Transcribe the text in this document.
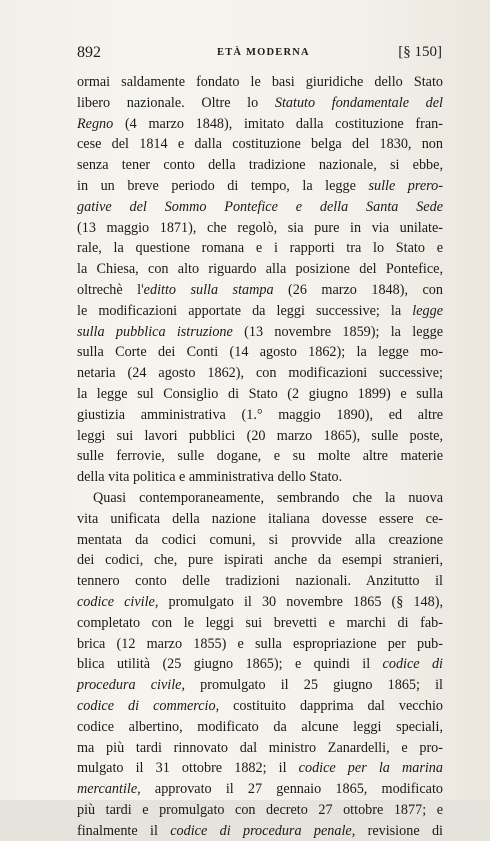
892	ETÀ MODERNA	[§ 150]
ormai saldamente fondato le basi giuridiche dello Stato
libero nazionale. Oltre lo Statuto fondamentale del
Regno (4 marzo 1848), imitato dalla costituzione fran-
cese del 1814 e dalla costituzione belga del 1830, non
senza tener conto della tradizione nazionale, si ebbe,
in un breve periodo di tempo, la legge sulle prero-
gative del Sommo Pontefice e della Santa Sede
(13 maggio 1871), che regolò, sia pure in via unilate-
rale, la questione romana e i rapporti tra lo Stato e
la Chiesa, con alto riguardo alla posizione del Pontefice,
oltrechè l'editto sulla stampa (26 marzo 1848), con
le modificazioni apportate da leggi successive; la legge
sulla pubblica istruzione (13 novembre 1859); la legge
sulla Corte dei Conti (14 agosto 1862); la legge mo-
netaria (24 agosto 1862), con modificazioni successive;
la legge sul Consiglio di Stato (2 giugno 1899) e sulla
giustizia amministrativa (1.° maggio 1890), ed altre
leggi sui lavori pubblici (20 marzo 1865), sulle poste,
sulle ferrovie, sulle dogane, e su molte altre materie
della vita politica e amministrativa dello Stato.
Quasi contemporaneamente, sembrando che la nuova
vita unificata della nazione italiana dovesse essere ce-
mentata da codici comuni, si provvide alla creazione
dei codici, che, pure ispirati anche da esempi stranieri,
tennero conto delle tradizioni nazionali. Anzitutto il
codice civile, promulgato il 30 novembre 1865 (§ 148),
completato con le leggi sui brevetti e marchi di fab-
brica (12 marzo 1855) e sulla espropriazione per pub-
blica utilità (25 giugno 1865); e quindi il codice di
procedura civile, promulgato il 25 giugno 1865; il
codice di commercio, costituito dapprima dal vecchio
codice albertino, modificato da alcune leggi speciali,
ma più tardi rinnovato dal ministro Zanardelli, e pro-
mulgato il 31 ottobre 1882; il codice per la marina
mercantile, approvato il 27 gennaio 1865, modificato
più tardi e promulgato con decreto 27 ottobre 1877; e
finalmente il codice di procedura penale, revisione di
